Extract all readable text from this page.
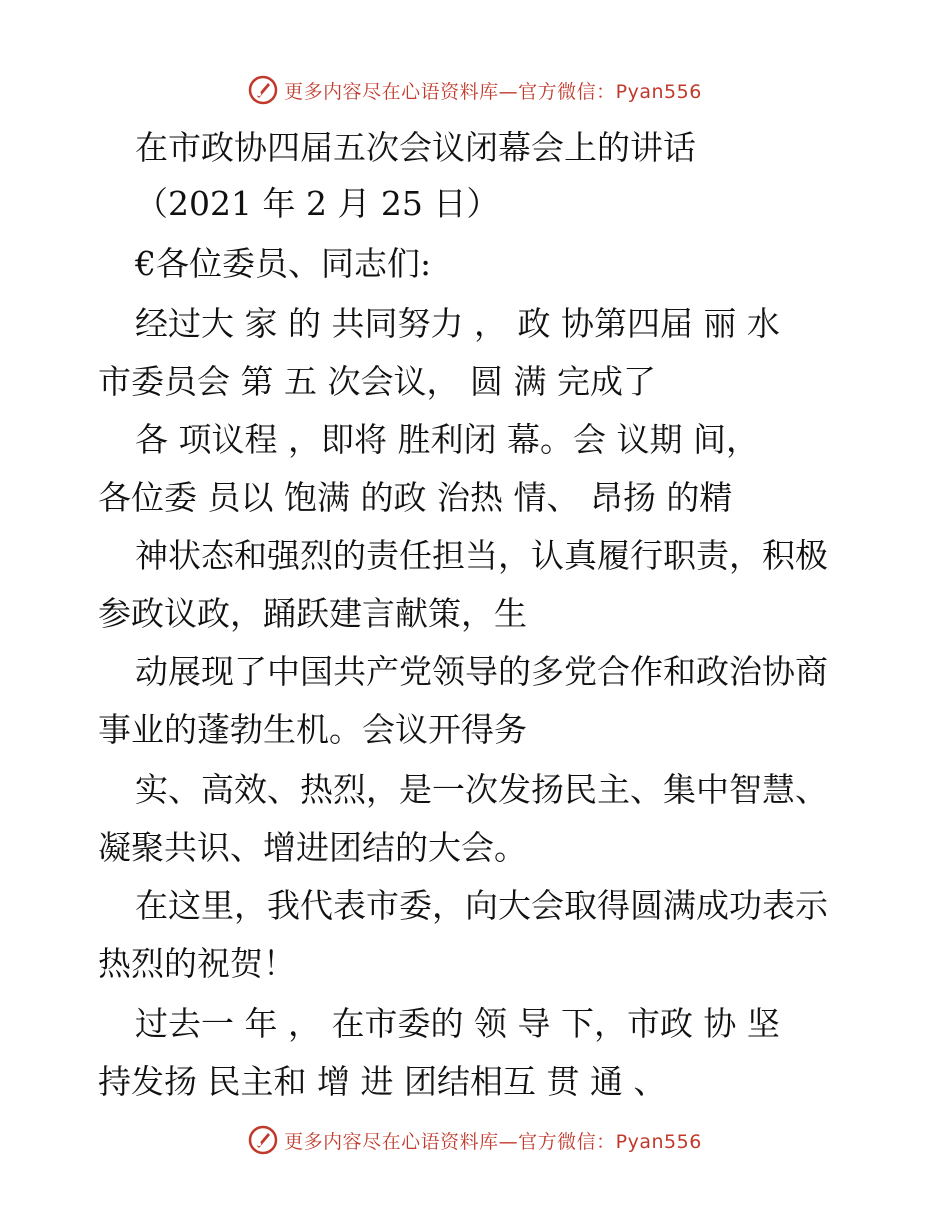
更多内容尽在心语资料库 —官方微信：Pyan556
在市政协四届五次会议闭幕会上的讲话
（2021 年 2 月 25 日）
€各位委员、同志们:
经过大 家 的 共同努力 ， 政 协第四届 丽 水
市委员会 第 五 次会议， 圆 满 完成了
各 项议程 ，即将 胜利闭 幕。会 议期 间，
各位委 员以 饱满 的政 治热 情、 昂扬 的精
神状态和强烈的责任担当，认真履行职责，积极
参政议政，踊跃建言献策，生
动展现了中国共产党领导的多党合作和政治协商
事业的蓬勃生机。会议开得务
实、高效、热烈，是一次发扬民主、集中智慧、
凝聚共识、增进团结的大会。
在这里，我代表市委，向大会取得圆满成功表示
热烈的祝贺！
过去一 年 ， 在市委的 领 导 下，市政 协 坚
持发扬 民主和 增 进 团结相互 贯 通 、
更多内容尽在心语资料库 —官方微信：Pyan556
